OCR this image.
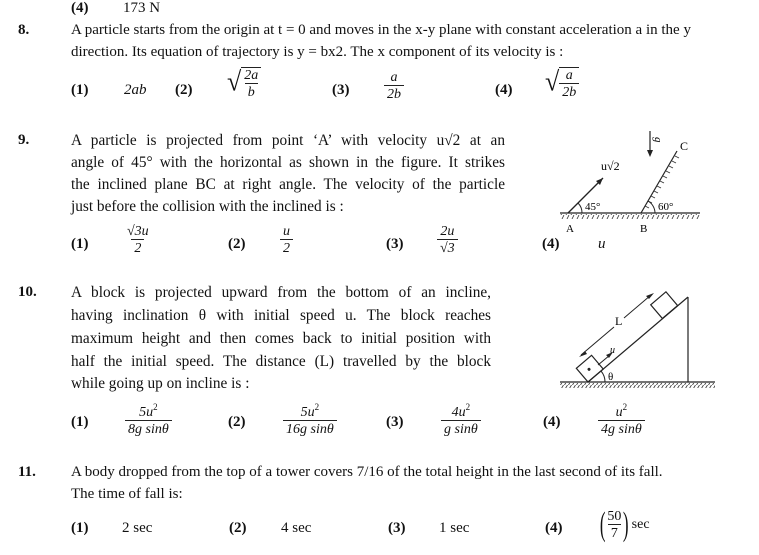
(4) 173 N
8.	A particle starts from the origin at t = 0 and moves in the x-y plane with constant acceleration a in the y
direction. Its equation of trajectory is y = bx2. The x component of its velocity is :
(1) 2ab (2) √ $\frac{2a}{b}$	$(3) \frac{a}{2b}$	(4) √ $\frac{a}{2b}$
9.	A particle is projected from point ‘A’ with velocity u√2 at an
angle of 45° with the horizontal as shown in the figure. It strikes
the inclined plane BC at right angle. The velocity of the particle
just before the collision with the inclined is :
(1)	$\frac{√3u}{2}$	$(2) \frac{u}{2}$	$(3) \frac{2u}{√3}$	(4)	u
g
u√2
45°	60°
A	B
C
10. A block is projected upward from the bottom of an incline,
having inclination θ with initial speed u. The block reaches
maximum height and then comes back to initial position with
half the initial speed. The distance (L) travelled by the block
while going up on incline is :
(1)	$\frac{5u^2}{\text{8g sinθ}}$	(2)	$\frac{5u^2}{\text{16g sinθ}}$	(3)	$\frac{4u^2}{\text{g sinθ}}$	(4)	$\frac{u^2}{\text{4g sinθ}}$
L
u
θ
11. A body dropped from the top of a tower covers 7/16 of the total height in the last second of its fall.
The time of fall is:
(1) 2 sec	(2) 4 sec	(3) 1 sec	(4) (
$\frac{50}{7}$
) sec
